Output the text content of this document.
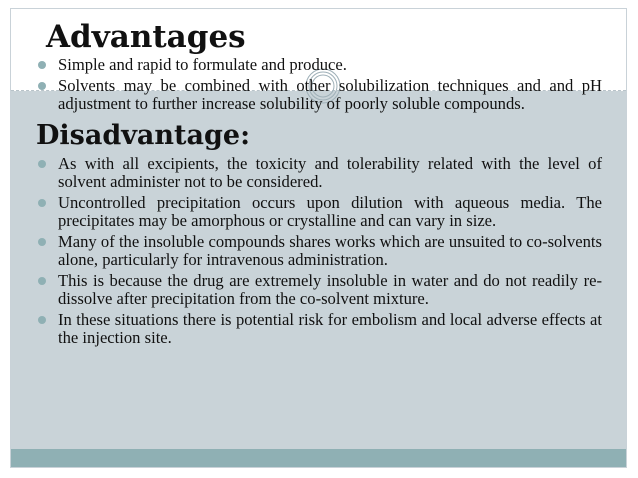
Advantages
Simple and rapid to formulate and produce.
Solvents may be combined with other solubilization techniques and and pH adjustment to further increase solubility of poorly soluble compounds.
Disadvantage:
As with all excipients, the toxicity and tolerability related with the level of solvent administer not to be considered.
Uncontrolled precipitation occurs upon dilution with aqueous media. The precipitates may be amorphous or crystalline and can vary in size.
Many of the insoluble compounds shares works which are unsuited to co-solvents alone, particularly for intravenous administration.
This is because the drug are extremely insoluble in water and do not readily re-dissolve after precipitation from the co-solvent mixture.
In these situations there is potential risk for embolism and local adverse effects at the injection site.
